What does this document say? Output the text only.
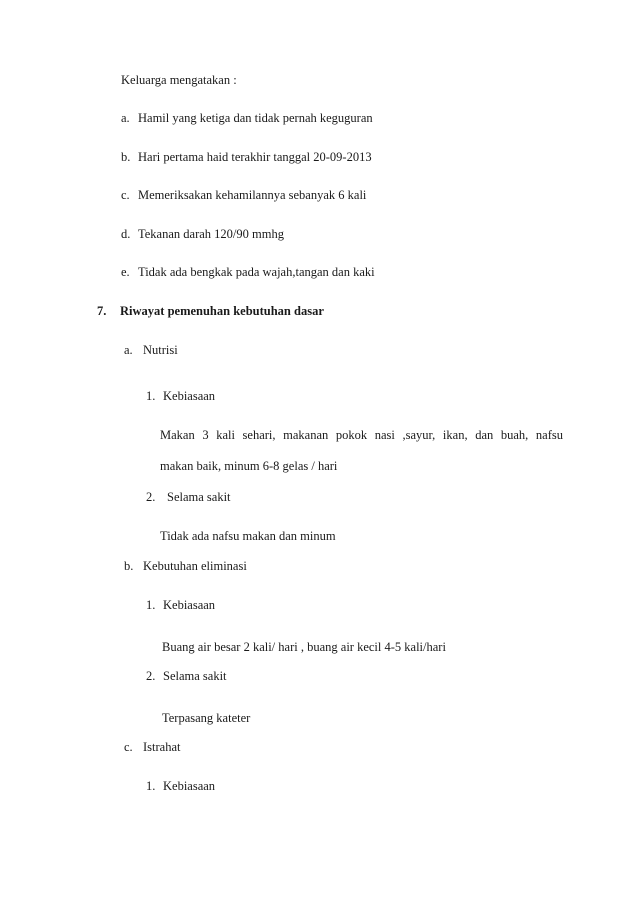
Keluarga mengatakan :
a. Hamil yang ketiga dan tidak pernah keguguran
b. Hari pertama haid terakhir tanggal 20-09-2013
c. Memeriksakan kehamilannya sebanyak 6 kali
d. Tekanan darah 120/90 mmhg
e. Tidak ada bengkak pada wajah,tangan dan kaki
7. Riwayat pemenuhan kebutuhan dasar
a. Nutrisi
1. Kebiasaan
Makan 3 kali sehari, makanan pokok nasi ,sayur, ikan, dan buah, nafsu
makan baik, minum 6-8 gelas / hari
2. Selama sakit
Tidak ada nafsu makan dan minum
b. Kebutuhan eliminasi
1. Kebiasaan
Buang air besar 2 kali/ hari , buang air kecil 4-5 kali/hari
2. Selama sakit
Terpasang kateter
c. Istrahat
1. Kebiasaan
